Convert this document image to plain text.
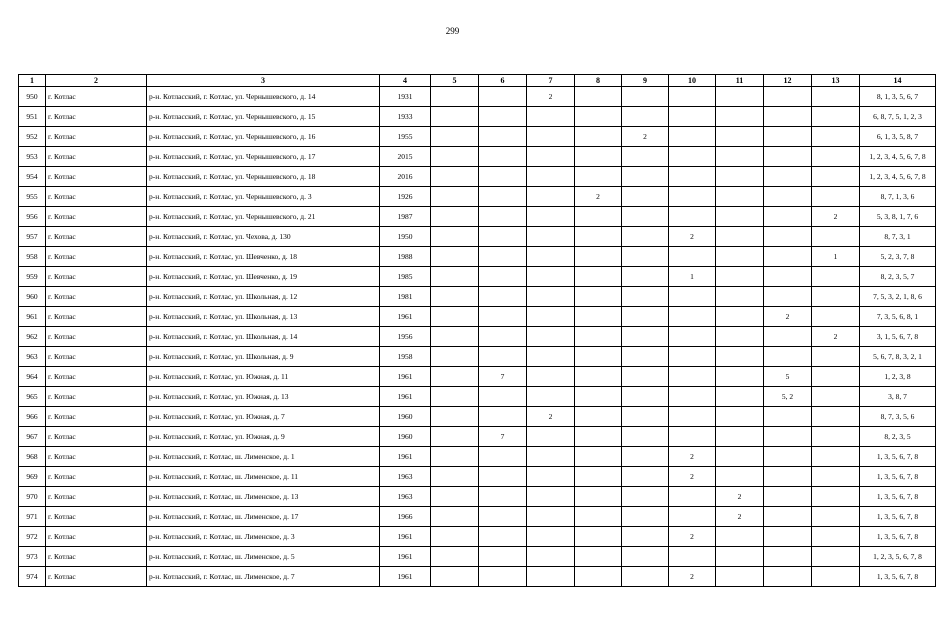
299
1	2	3	4	5	6	7	8	9	10	11	12	13	14
950	г. Котлас	р-н. Котласский, г. Котлас, ул. Чернышевского, д. 14	1931			2							8, 1, 3, 5, 6, 7
951	г. Котлас	р-н. Котласский, г. Котлас, ул. Чернышевского, д. 15	1933										6, 8, 7, 5, 1, 2, 3
952	г. Котлас	р-н. Котласский, г. Котлас, ул. Чернышевского, д. 16	1955					2					6, 1, 3, 5, 8, 7
953	г. Котлас	р-н. Котласский, г. Котлас, ул. Чернышевского, д. 17	2015										1, 2, 3, 4, 5, 6, 7, 8
954	г. Котлас	р-н. Котласский, г. Котлас, ул. Чернышевского, д. 18	2016										1, 2, 3, 4, 5, 6, 7, 8
955	г. Котлас	р-н. Котласский, г. Котлас, ул. Чернышевского, д. 3	1926				2						8, 7, 1, 3, 6
956	г. Котлас	р-н. Котласский, г. Котлас, ул. Чернышевского, д. 21	1987									2	5, 3, 8, 1, 7, 6
957	г. Котлас	р-н. Котласский, г. Котлас, ул. Чехова, д. 130	1950						2				8, 7, 3, 1
958	г. Котлас	р-н. Котласский, г. Котлас, ул. Шевченко, д. 18	1988									1	5, 2, 3, 7, 8
959	г. Котлас	р-н. Котласский, г. Котлас, ул. Шевченко, д. 19	1985						1				8, 2, 3, 5, 7
960	г. Котлас	р-н. Котласский, г. Котлас, ул. Школьная, д. 12	1981										7, 5, 3, 2, 1, 8, 6
961	г. Котлас	р-н. Котласский, г. Котлас, ул. Школьная, д. 13	1961								2		7, 3, 5, 6, 8, 1
962	г. Котлас	р-н. Котласский, г. Котлас, ул. Школьная, д. 14	1956									2	3, 1, 5, 6, 7, 8
963	г. Котлас	р-н. Котласский, г. Котлас, ул. Школьная, д. 9	1958										5, 6, 7, 8, 3, 2, 1
964	г. Котлас	р-н. Котласский, г. Котлас, ул. Южная, д. 11	1961		7						5		1, 2, 3, 8
965	г. Котлас	р-н. Котласский, г. Котлас, ул. Южная, д. 13	1961								5, 2		3, 8, 7
966	г. Котлас	р-н. Котласский, г. Котлас, ул. Южная, д. 7	1960			2							8, 7, 3, 5, 6
967	г. Котлас	р-н. Котласский, г. Котлас, ул. Южная, д. 9	1960		7								8, 2, 3, 5
968	г. Котлас	р-н. Котласский, г. Котлас, ш. Лименское, д. 1	1961						2				1, 3, 5, 6, 7, 8
969	г. Котлас	р-н. Котласский, г. Котлас, ш. Лименское, д. 11	1963						2				1, 3, 5, 6, 7, 8
970	г. Котлас	р-н. Котласский, г. Котлас, ш. Лименское, д. 13	1963							2			1, 3, 5, 6, 7, 8
971	г. Котлас	р-н. Котласский, г. Котлас, ш. Лименское, д. 17	1966							2			1, 3, 5, 6, 7, 8
972	г. Котлас	р-н. Котласский, г. Котлас, ш. Лименское, д. 3	1961						2				1, 3, 5, 6, 7, 8
973	г. Котлас	р-н. Котласский, г. Котлас, ш. Лименское, д. 5	1961										1, 2, 3, 5, 6, 7, 8
974	г. Котлас	р-н. Котласский, г. Котлас, ш. Лименское, д. 7	1961						2				1, 3, 5, 6, 7, 8
